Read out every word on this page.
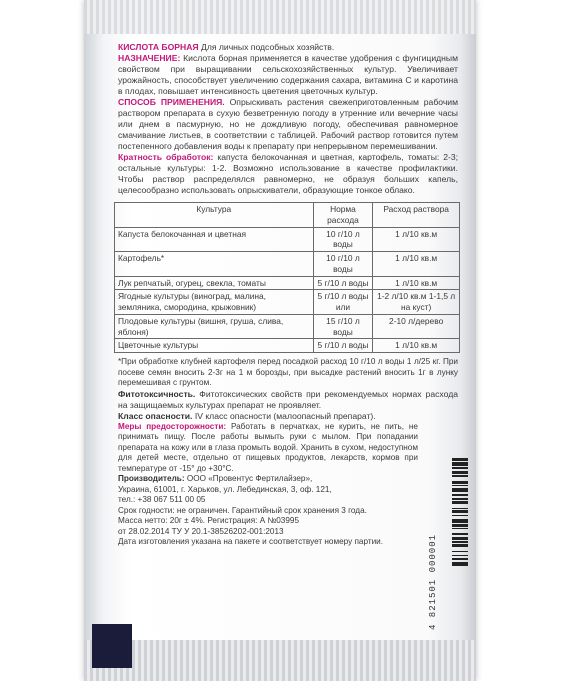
КИСЛОТА БОРНАЯ Для личных подсобных хозяйств.

НАЗНАЧЕНИЕ: Кислота борная применяется в качестве удобрения с фунгицидным свойством при выращивании сельскохозяйственных культур. Увеличивает урожайность, способствует увеличению содержания сахара, витамина С и каротина в плодах, повышает интенсивность цветения цветочных культур.

СПОСОБ ПРИМЕНЕНИЯ. Опрыскивать растения свежеприготовленным рабочим раствором препарата в сухую безветренную погоду в утренние или вечерние часы или днем в пасмурную, но не дождливую погоду, обеспечивая равномерное смачивание листьев, в соответствии с таблицей. Рабочий раствор готовится путем постепенного добавления воды к препарату при непрерывном перемешивании.

Кратность обработок: капуста белокочанная и цветная, картофель, томаты: 2-3; остальные культуры: 1-2. Возможно использование в качестве профилактики. Чтобы раствор распределялся равномерно, не образуя больших капель, целесообразно использовать опрыскиватели, образующие тонкое облако.

Культура	Норма расхода	Расход раствора
Капуста белокочанная и цветная	10 г/10 л воды	1 л/10 кв.м
Картофель*	10 г/10 л воды	1 л/10 кв.м
Лук репчатый, огурец, свекла, томаты	5 г/10 л воды	1 л/10 кв.м
Ягодные культуры (виноград, малина, земляника, смородина, крыжовник)	5 г/10 л воды или	1-2 л/10 кв.м 1-1,5 л на куст)
Плодовые культуры (вишня, груша, слива, яблоня)	15 г/10 л воды	2-10 л/дерево
Цветочные культуры	5 г/10 л воды	1 л/10 кв.м

*При обработке клубней картофеля перед посадкой расход 10 г/10 л воды 1 л/25 кг. При посеве семян вносить 2-3г на 1 м борозды, при высадке растений вносить 1г в лунку перемешивая с грунтом.

Фитотоксичность. Фитотоксических свойств при рекомендуемых нормах расхода на защищаемых культурах препарат не проявляет.

Класс опасности. IV класс опасности (малоопасный препарат).

Меры предосторожности: Работать в перчатках, не курить, не пить, не принимать пищу. После работы вымыть руки с мылом. При попадании препарата на кожу или в глаза промыть водой. Хранить в сухом, недоступном для детей месте, отдельно от пищевых продуктов, лекарств, кормов при температуре от -15° до +30°С.

Производитель: ООО «Провентус Фертилайзер»,
Украина, 61001, г. Харьков, ул. Лебединская, 3, оф. 121,
тел.: +38 067 511 00 05

Срок годности: не ограничен. Гарантийный срок хранения 3 года.

Масса нетто: 20г ± 4%. Регистрация: А №03995

от 28.02.2014 ТУ У 20.1-38526202-001:2013

Дата изготовления указана на пакете и соответствует номеру партии.	4 821501 000001
